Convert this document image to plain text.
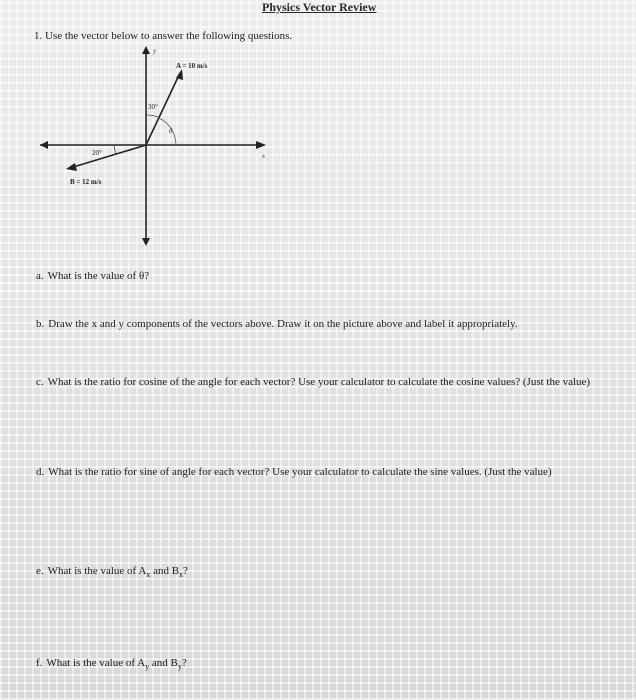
Physics Vector Review
1. Use the vector below to answer the following questions.
x
y
A = 10 m/s
30°
θ
B = 12 m/s
20°
a. What is the value of θ?
b. Draw the x and y components of the vectors above. Draw it on the picture above and label it appropriately.
c. What is the ratio for cosine of the angle for each vector? Use your calculator to calculate the cosine values? (Just the value)
d. What is the ratio for sine of angle for each vector? Use your calculator to calculate the sine values. (Just the value)
e. What is the value of $A_x$ and $B_x$?
f. What is the value of $A_y$ and $B_y$?
